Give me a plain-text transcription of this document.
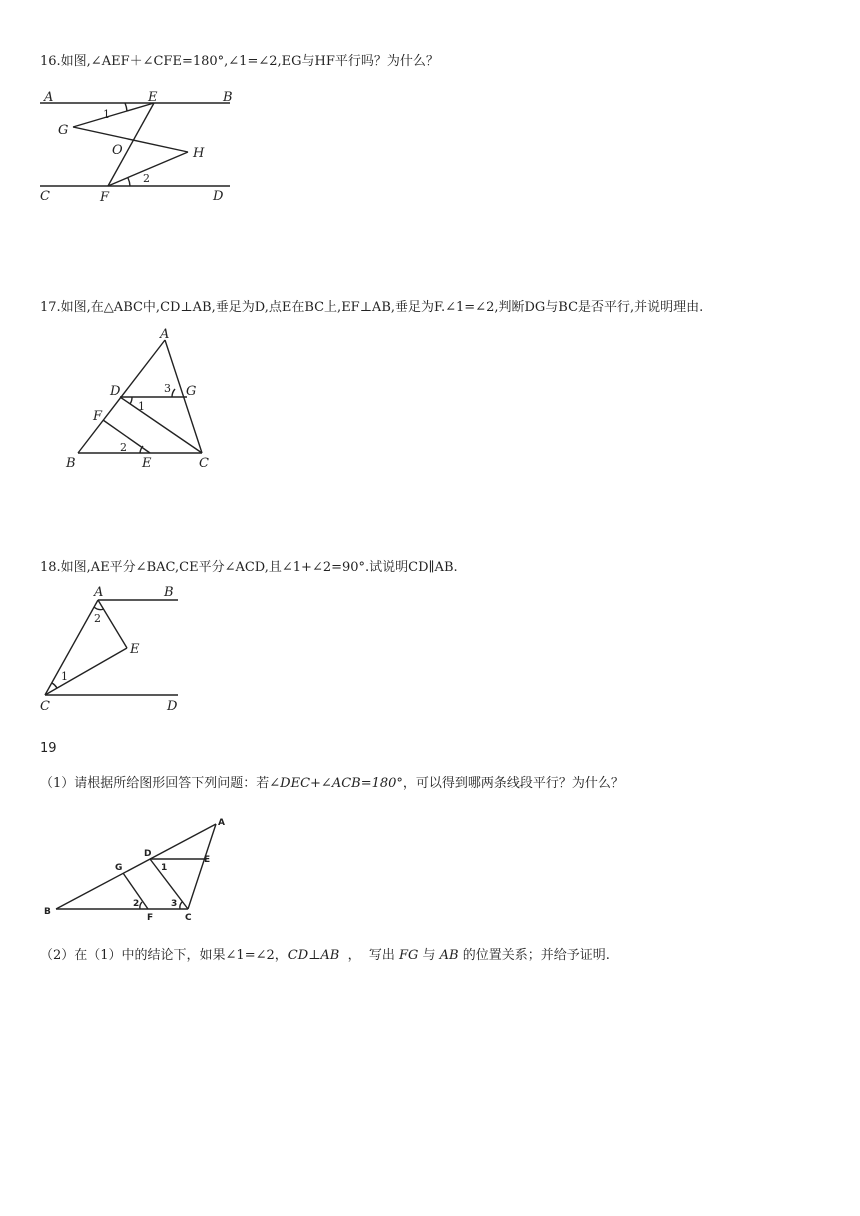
16.如图,∠AEF＋∠CFE=180°,∠1=∠2,EG与HF平行吗？为什么？
A	E	B
G
O	H
C	F	D
1
2
17.如图,在△ABC中,CD⊥AB,垂足为D,点E在BC上,EF⊥AB,垂足为F.∠1=∠2,判断DG与BC是否平行,并说明理由.
A
D	G
F
B	E	C
1
2
3
18.如图,AE平分∠BAC,CE平分∠ACD,且∠1+∠2=90°.试说明CD∥AB.
A	B
E
C	D
2
1
19
（1）请根据所给图形回答下列问题：若∠DEC+∠ACB=180°，可以得到哪两条线段平行？为什么？
A
D
E
G
B
F	C
1
2	3
（2）在（1）中的结论下，如果∠1=∠2，CD⊥AB  ，  写出 FG 与 AB 的位置关系；并给予证明.
